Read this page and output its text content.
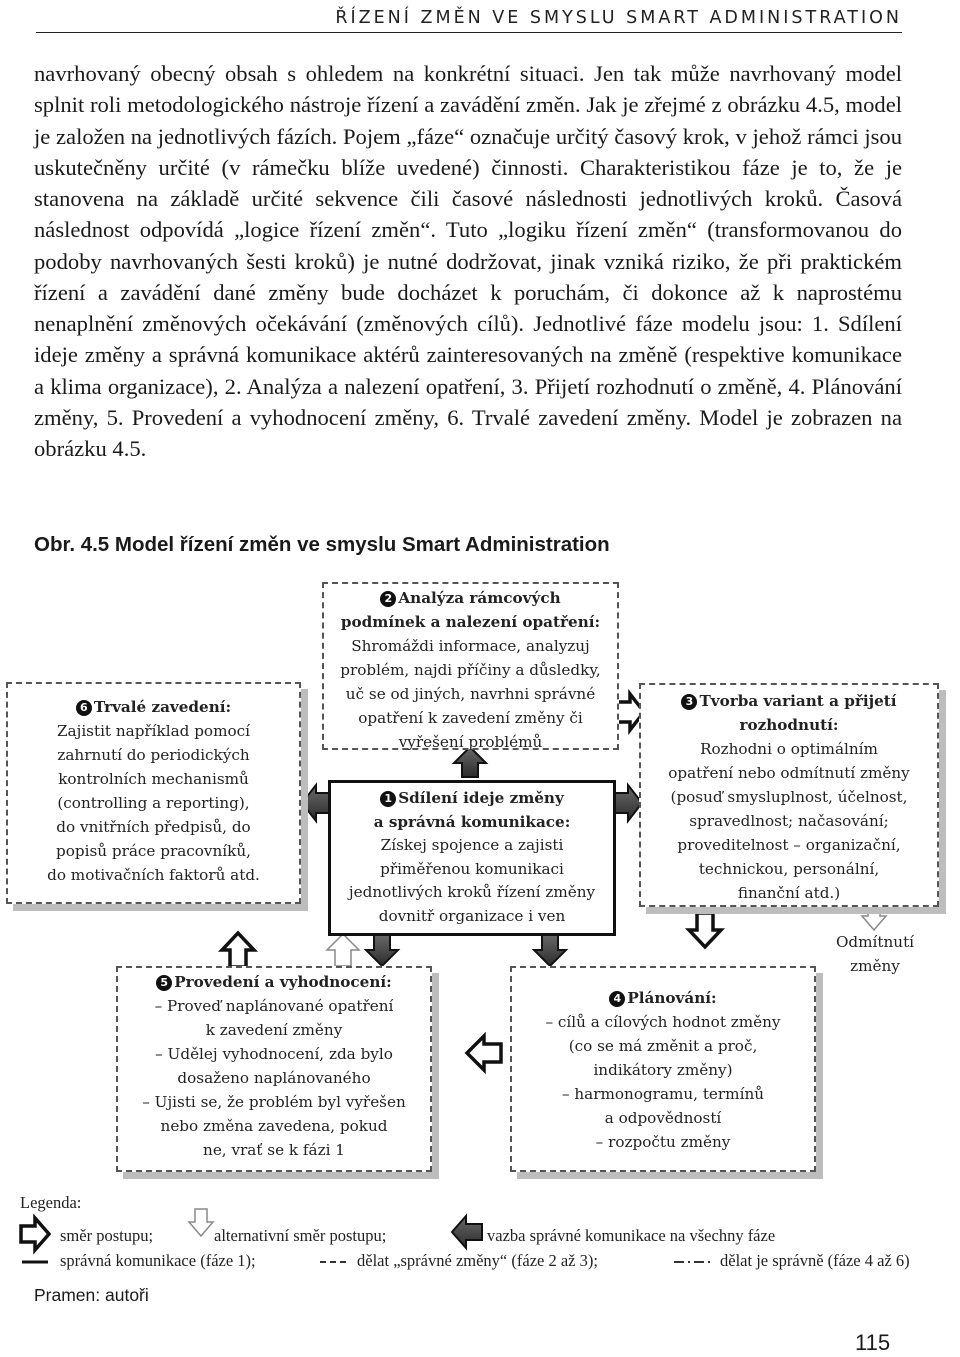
ŘÍZENÍ ZMĚN VE SMYSLU SMART ADMINISTRATION

navrhovaný obecný obsah s ohledem na konkrétní situaci. Jen tak může navrhovaný model splnit roli metodologického nástroje řízení a zavádění změn. Jak je zřejmé z obrázku 4.5, model je založen na jednotlivých fázích. Pojem „fáze“ označuje určitý časový krok, v jehož rámci jsou uskutečněny určité (v rámečku blíže uvedené) činnosti. Charakteristikou fáze je to, že je stanovena na základě určité sekvence čili časové následnosti jednotlivých kroků. Časová následnost odpovídá „logice řízení změn“. Tuto „logiku řízení změn“ (transformovanou do podoby navrhovaných šesti kroků) je nutné dodržovat, jinak vzniká riziko, že při praktickém řízení a zavádění dané změny bude docházet k poruchám, či dokonce až k naprostému nenaplnění změnových očekávání (změnových cílů). Jednotlivé fáze modelu jsou: 1. Sdílení ideje změny a správná komunikace aktérů zainteresovaných na změně (respektive komunikace a klima organizace), 2. Analýza a nalezení opatření, 3. Přijetí rozhodnutí o změně, 4. Plánování změny, 5. Provedení a vyhodnocení změny, 6. Trvalé zavedení změny. Model je zobrazen na obrázku 4.5.

Obr. 4.5 Model řízení změn ve smyslu Smart Administration
2 Analýza rámcových
podmínek a nalezení opatření:
Shromáždi informace, analyzuj
problém, najdi příčiny a důsledky,
uč se od jiných, navrhni správné
opatření k zavedení změny či
vyřešení problémů
6 Trvalé zavedení:
Zajistit například pomocí
zahrnutí do periodických
kontrolních mechanismů
(controlling a reporting),
do vnitřních předpisů, do
popisů práce pracovníků,
do motivačních faktorů atd.
3 Tvorba variant a přijetí
rozhodnutí:
Rozhodni o optimálním
opatření nebo odmítnutí změny
(posuď smysluplnost, účelnost,
spravedlnost; načasování;
proveditelnost – organizační,
technickou, personální,
finanční atd.)
1 Sdílení ideje změny
a správná komunikace:
Získej spojence a zajisti
přiměřenou komunikaci
jednotlivých kroků řízení změny
dovnitř organizace i ven
Odmítnutí
změny
5 Provedení a vyhodnocení:
– Proveď naplánované opatření
k zavedení změny
– Udělej vyhodnocení, zda bylo
dosaženo naplánovaného
– Ujisti se, že problém byl vyřešen
nebo změna zavedena, pokud
ne, vrať se k fázi 1
4 Plánování:
– cílů a cílových hodnot změny
(co se má změnit a proč,
indikátory změny)
– harmonogramu, termínů
a odpovědností
– rozpočtu změny
Legenda:
směr postupu;	alternativní směr postupu;	vazba správné komunikace na všechny fáze
správná komunikace (fáze 1);	dělat „správné změny“ (fáze 2 až 3);	dělat je správně (fáze 4 až 6)
Pramen: autoři
115
